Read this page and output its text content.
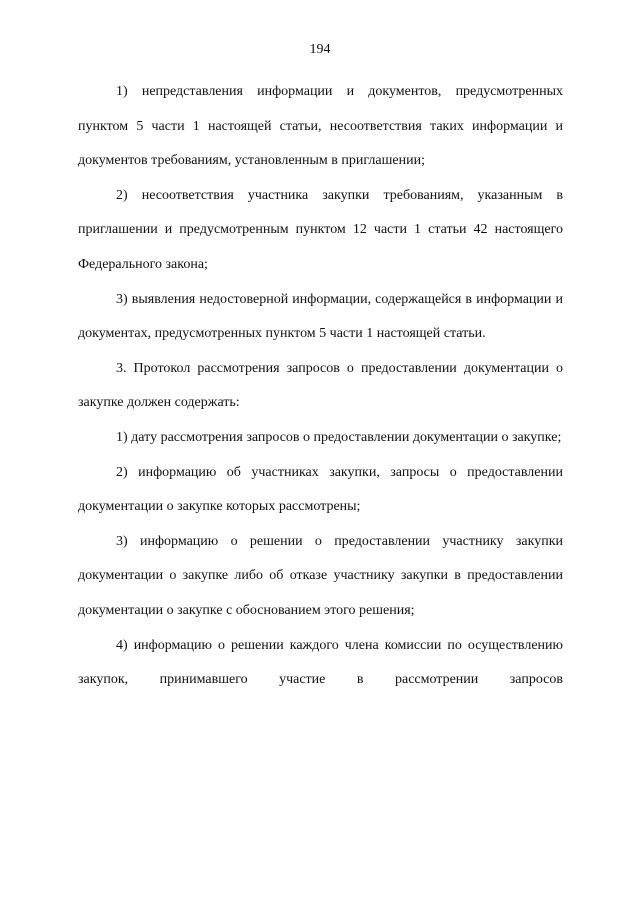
194

1) непредставления информации и документов, предусмотренных пунктом 5 части 1 настоящей статьи, несоответствия таких информации и документов требованиям, установленным в приглашении;

2) несоответствия участника закупки требованиям, указанным в приглашении и предусмотренным пунктом 12 части 1 статьи 42 настоящего Федерального закона;

3) выявления недостоверной информации, содержащейся в информации и документах, предусмотренных пунктом 5 части 1 настоящей статьи.

3. Протокол рассмотрения запросов о предоставлении документации о закупке должен содержать:

1) дату рассмотрения запросов о предоставлении документации о закупке;

2) информацию об участниках закупки, запросы о предоставлении документации о закупке которых рассмотрены;

3) информацию о решении о предоставлении участнику закупки документации о закупке либо об отказе участнику закупки в предоставлении документации о закупке с обоснованием этого решения;

4) информацию о решении каждого члена комиссии по осуществлению закупок, принимавшего участие в рассмотрении запросов
